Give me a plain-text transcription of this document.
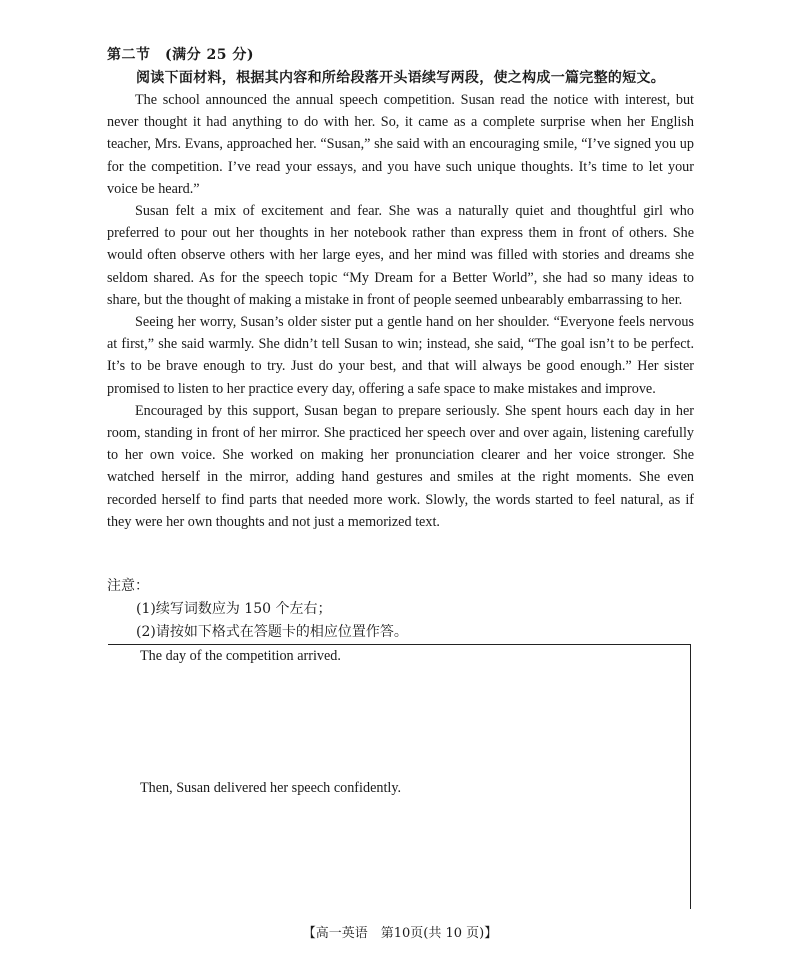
第二节　(满分 25 分)
阅读下面材料，根据其内容和所给段落开头语续写两段，使之构成一篇完整的短文。

The school announced the annual speech competition. Susan read the notice with interest, but never thought it had anything to do with her. So, it came as a complete surprise when her English teacher, Mrs. Evans, approached her. “Susan,” she said with an encouraging smile, “I’ve signed you up for the competition. I’ve read your essays, and you have such unique thoughts. It’s time to let your voice be heard.”

Susan felt a mix of excitement and fear. She was a naturally quiet and thoughtful girl who preferred to pour out her thoughts in her notebook rather than express them in front of others. She would often observe others with her large eyes, and her mind was filled with stories and dreams she seldom shared. As for the speech topic “My Dream for a Better World”, she had so many ideas to share, but the thought of making a mistake in front of people seemed unbearably embarrassing to her.

Seeing her worry, Susan’s older sister put a gentle hand on her shoulder. “Everyone feels nervous at first,” she said warmly. She didn’t tell Susan to win; instead, she said, “The goal isn’t to be perfect. It’s to be brave enough to try. Just do your best, and that will always be good enough.” Her sister promised to listen to her practice every day, offering a safe space to make mistakes and improve.

Encouraged by this support, Susan began to prepare seriously. She spent hours each day in her room, standing in front of her mirror. She practiced her speech over and over again, listening carefully to her own voice. She worked on making her pronunciation clearer and her voice stronger. She watched herself in the mirror, adding hand gestures and smiles at the right moments. She even recorded herself to find parts that needed more work. Slowly, the words started to feel natural, as if they were her own thoughts and not just a memorized text.

注意：
(1)续写词数应为 150 个左右；
(2)请按如下格式在答题卡的相应位置作答。
The day of the competition arrived.
Then, Susan delivered her speech confidently.
【高一英语　第10页(共 10 页)】
